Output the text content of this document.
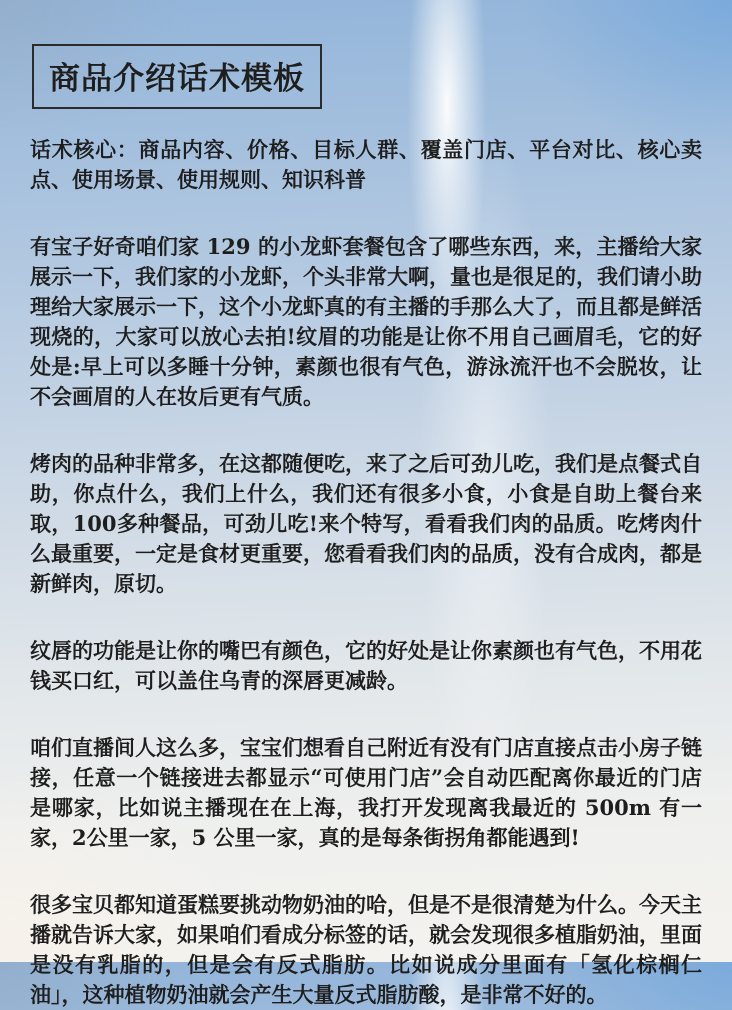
商品介绍话术模板

话术核心：商品内容、价格、目标人群、覆盖门店、平台对比、核心卖点、使用场景、使用规则、知识科普

有宝子好奇咱们家 129 的小龙虾套餐包含了哪些东西，来，主播给大家展示一下，我们家的小龙虾，个头非常大啊，量也是很足的，我们请小助理给大家展示一下，这个小龙虾真的有主播的手那么大了，而且都是鲜活现烧的，大家可以放心去拍!纹眉的功能是让你不用自己画眉毛，它的好处是:早上可以多睡十分钟，素颜也很有气色，游泳流汗也不会脱妆，让不会画眉的人在妆后更有气质。

烤肉的品种非常多，在这都随便吃，来了之后可劲儿吃，我们是点餐式自助，你点什么，我们上什么，我们还有很多小食，小食是自助上餐台来取，100多种餐品，可劲儿吃!来个特写，看看我们肉的品质。吃烤肉什么最重要，一定是食材更重要，您看看我们肉的品质，没有合成肉，都是新鲜肉，原切。

纹唇的功能是让你的嘴巴有颜色，它的好处是让你素颜也有气色，不用花钱买口红，可以盖住乌青的深唇更减龄。

咱们直播间人这么多，宝宝们想看自己附近有没有门店直接点击小房子链接，任意一个链接进去都显示“可使用门店”会自动匹配离你最近的门店是哪家，比如说主播现在在上海，我打开发现离我最近的 500m 有一家，2公里一家，5 公里一家，真的是每条街拐角都能遇到!

很多宝贝都知道蛋糕要挑动物奶油的哈，但是不是很清楚为什么。今天主播就告诉大家，如果咱们看成分标签的话，就会发现很多植脂奶油，里面是没有乳脂的，但是会有反式脂肪。比如说成分里面有「氢化棕榈仁油」，这种植物奶油就会产生大量反式脂肪酸，是非常不好的。
